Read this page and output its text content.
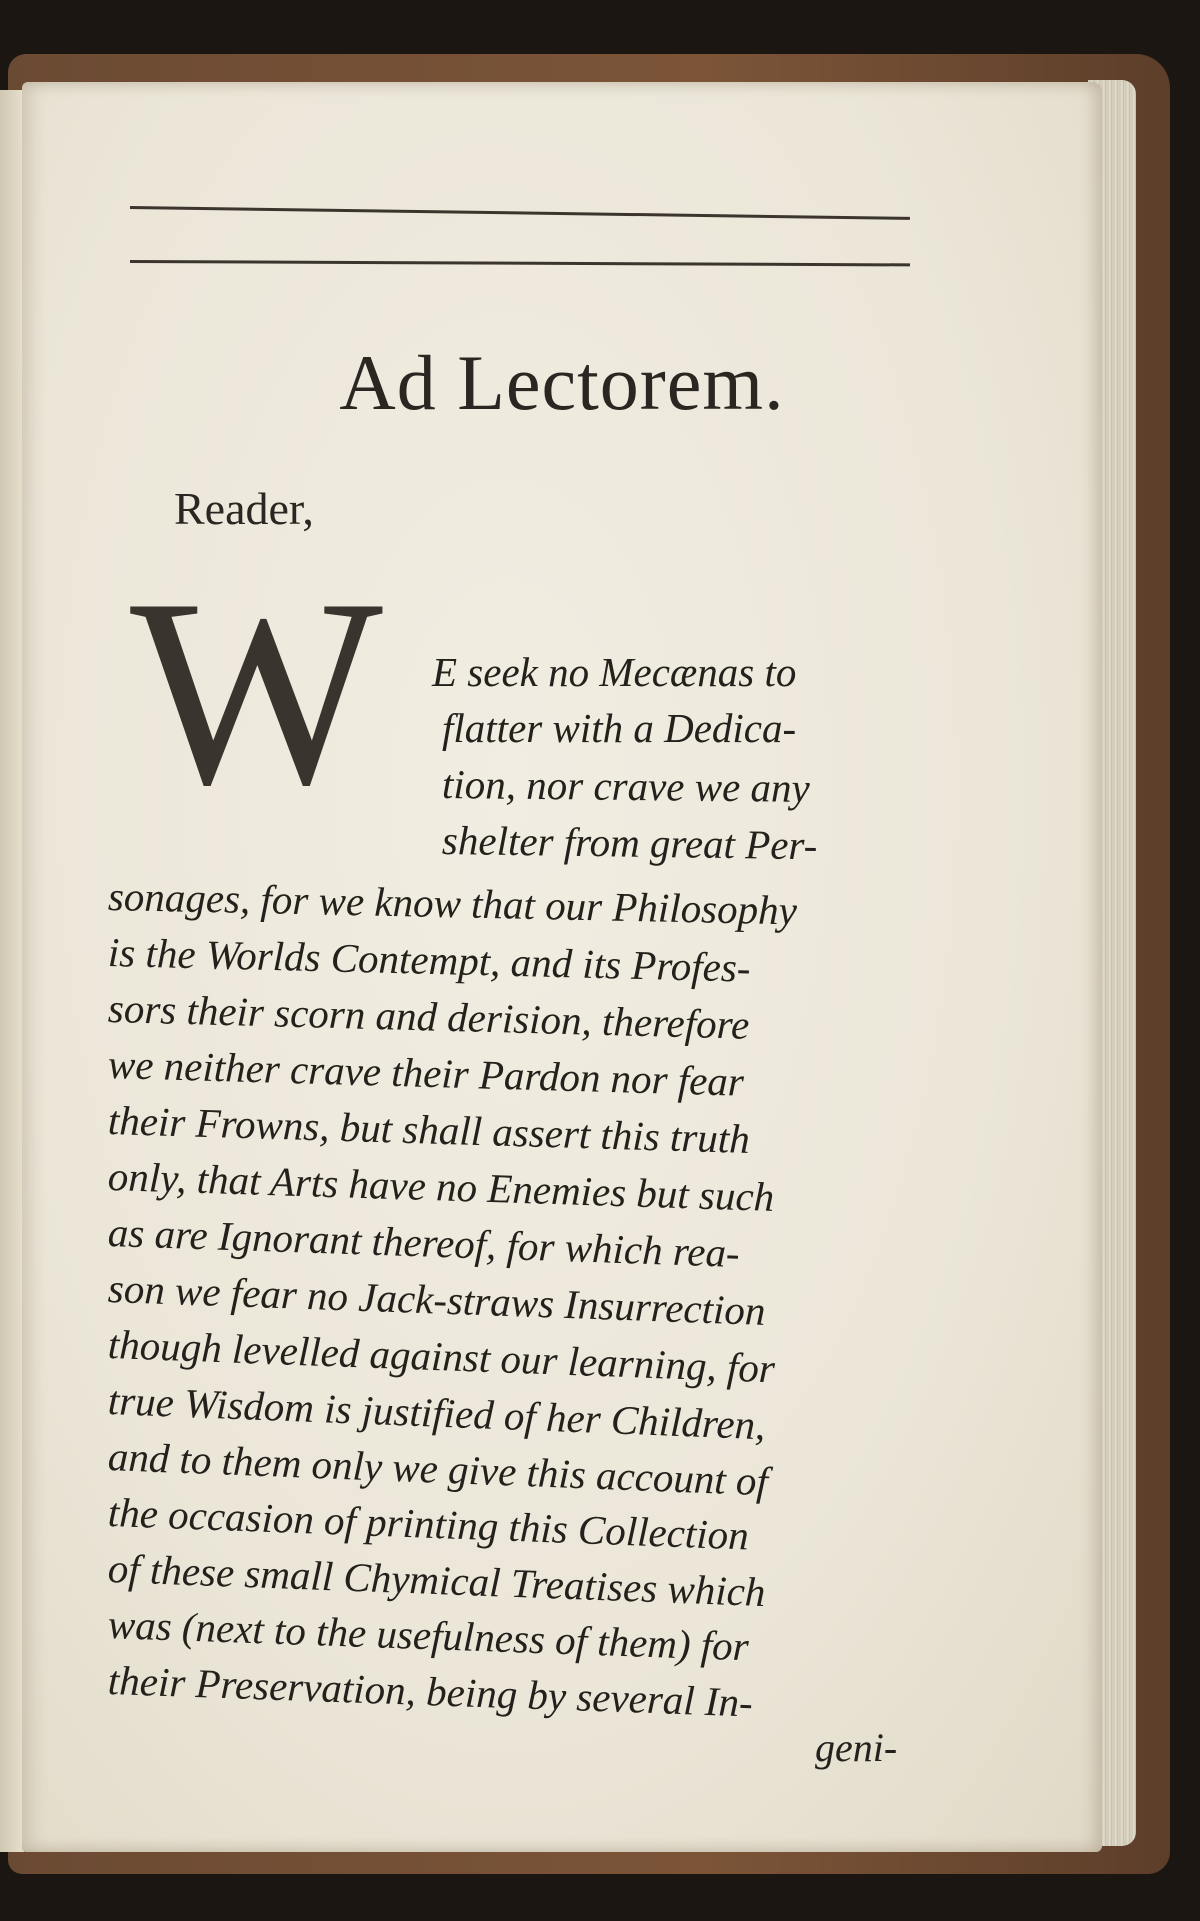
Ad Lectorem.
Reader,
W E seek no Mecænas to
flatter with a Dedica-
tion, nor crave we any
shelter from great Per-
sonages, for we know that our Philosophy
is the Worlds Contempt, and its Profes-
sors their scorn and derision, therefore
we neither crave their Pardon nor fear
their Frowns, but shall assert this truth
only, that Arts have no Enemies but such
as are Ignorant thereof, for which rea-
son we fear no Jack-straws Insurrection
though levelled against our learning, for
true Wisdom is justified of her Children,
and to them only we give this account of
the occasion of printing this Collection
of these small Chymical Treatises which
was (next to the usefulness of them) for
their Preservation, being by several In-
geni-
